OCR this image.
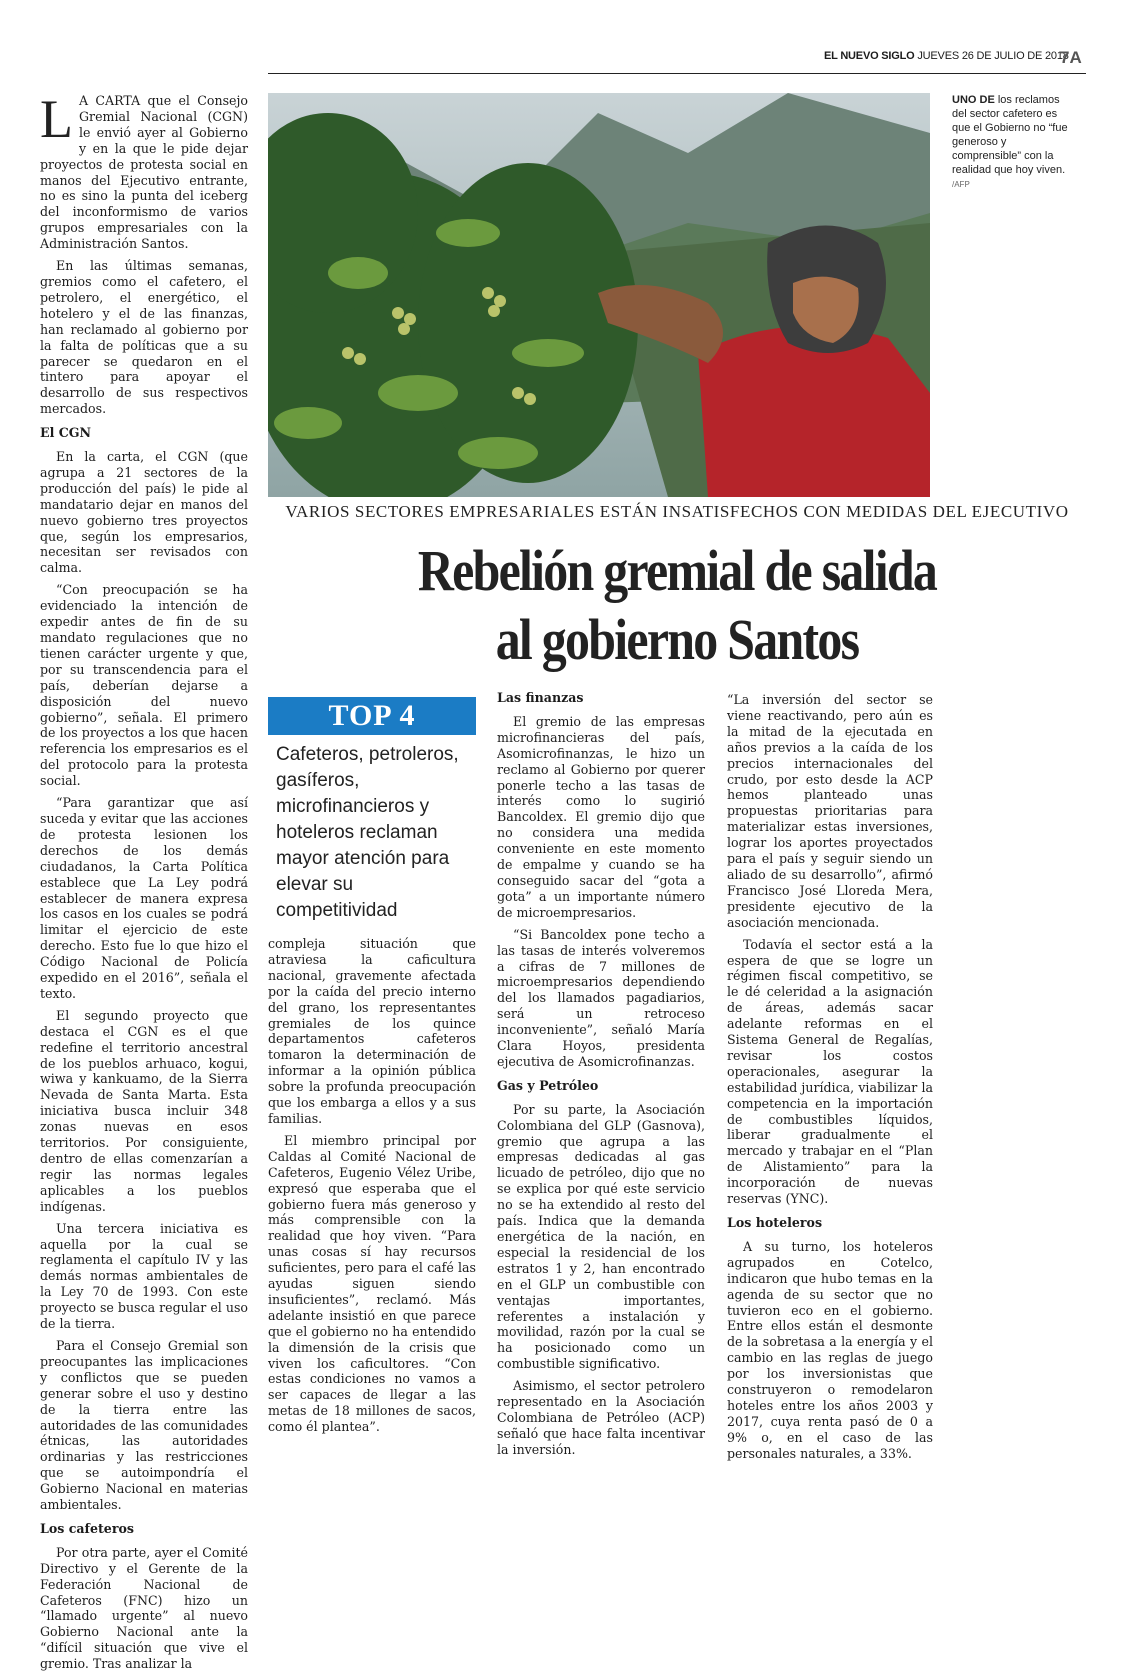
EL NUEVO SIGLO JUEVES 26 DE JULIO DE 2018
7A

L A CARTA que el Consejo Gremial Nacional (CGN) le envió ayer al Gobierno y en la que le pide dejar proyectos de protesta social en manos del Ejecutivo entrante, no es sino la punta del iceberg del inconformismo de varios grupos empresariales con la Administración Santos.

En las últimas semanas, gremios como el cafetero, el petrolero, el energético, el hotelero y el de las finanzas, han reclamado al gobierno por la falta de políticas que a su parecer se quedaron en el tintero para apoyar el desarrollo de sus respectivos mercados.

El CGN

En la carta, el CGN (que agrupa a 21 sectores de la producción del país) le pide al mandatario dejar en manos del nuevo gobierno tres proyectos que, según los empresarios, necesitan ser revisados con calma.

“Con preocupación se ha evidenciado la intención de expedir antes de fin de su mandato regulaciones que no tienen carácter urgente y que, por su transcendencia para el país, deberían dejarse a disposición del nuevo gobierno”, señala. El primero de los proyectos a los que hacen referencia los empresarios es el del protocolo para la protesta social.

“Para garantizar que así suceda y evitar que las acciones de protesta lesionen los derechos de los demás ciudadanos, la Carta Política establece que La Ley podrá establecer de manera expresa los casos en los cuales se podrá limitar el ejercicio de este derecho. Esto fue lo que hizo el Código Nacional de Policía expedido en el 2016”, señala el texto.

El segundo proyecto que destaca el CGN es el que redefine el territorio ancestral de los pueblos arhuaco, kogui, wiwa y kankuamo, de la Sierra Nevada de Santa Marta. Esta iniciativa busca incluir 348 zonas nuevas en esos territorios. Por consiguiente, dentro de ellas comenzarían a regir las normas legales aplicables a los pueblos indígenas.

Una tercera iniciativa es aquella por la cual se reglamenta el capítulo IV y las demás normas ambientales de la Ley 70 de 1993. Con este proyecto se busca regular el uso de la tierra.

Para el Consejo Gremial son preocupantes las implicaciones y conflictos que se pueden generar sobre el uso y destino de la tierra entre las autoridades de las comunidades étnicas, las autoridades ordinarias y las restricciones que se autoimpondría el Gobierno Nacional en materias ambientales.

Los cafeteros

Por otra parte, ayer el Comité Directivo y el Gerente de la Federación Nacional de Cafeteros (FNC) hizo un “llamado urgente” al nuevo Gobierno Nacional ante la “difícil situación que vive el gremio. Tras analizar la

UNO DE los reclamos del sector cafetero es que el Gobierno no “fue generoso y comprensible” con la realidad que hoy viven. /AFP
VARIOS SECTORES EMPRESARIALES ESTÁN INSATISFECHOS CON MEDIDAS DEL EJECUTIVO
Rebelión gremial de salida
al gobierno Santos
TOP 4
Cafeteros, petroleros, gasíferos, microfinancieros y hoteleros reclaman mayor atención para elevar su competitividad

compleja situación que atraviesa la caficultura nacional, gravemente afectada por la caída del precio interno del grano, los representantes gremiales de los quince departamentos cafeteros tomaron la determinación de informar a la opinión pública sobre la profunda preocupación que los embarga a ellos y a sus familias.

El miembro principal por Caldas al Comité Nacional de Cafeteros, Eugenio Vélez Uribe, expresó que esperaba que el gobierno fuera más generoso y más comprensible con la realidad que hoy viven. “Para unas cosas sí hay recursos suficientes, pero para el café las ayudas siguen siendo insuficientes”, reclamó. Más adelante insistió en que parece que el gobierno no ha entendido la dimensión de la crisis que viven los caficultores. “Con estas condiciones no vamos a ser capaces de llegar a las metas de 18 millones de sacos, como él plantea”.

Las finanzas

El gremio de las empresas microfinancieras del país, Asomicrofinanzas, le hizo un reclamo al Gobierno por querer ponerle techo a las tasas de interés como lo sugirió Bancoldex. El gremio dijo que no considera una medida conveniente en este momento de empalme y cuando se ha conseguido sacar del “gota a gota” a un importante número de microempresarios.

“Si Bancoldex pone techo a las tasas de interés volveremos a cifras de 7 millones de microempresarios dependiendo del los llamados pagadiarios, será un retroceso inconveniente”, señaló María Clara Hoyos, presidenta ejecutiva de Asomicrofinanzas.

Gas y Petróleo

Por su parte, la Asociación Colombiana del GLP (Gasnova), gremio que agrupa a las empresas dedicadas al gas licuado de petróleo, dijo que no se explica por qué este servicio no se ha extendido al resto del país. Indica que la demanda energética de la nación, en especial la residencial de los estratos 1 y 2, han encontrado en el GLP un combustible con ventajas importantes, referentes a instalación y movilidad, razón por la cual se ha posicionado como un combustible significativo.

Asimismo, el sector petrolero representado en la Asociación Colombiana de Petróleo (ACP) señaló que hace falta incentivar la inversión.

“La inversión del sector se viene reactivando, pero aún es la mitad de la ejecutada en años previos a la caída de los precios internacionales del crudo, por esto desde la ACP hemos planteado unas propuestas prioritarias para materializar estas inversiones, lograr los aportes proyectados para el país y seguir siendo un aliado de su desarrollo”, afirmó Francisco José Lloreda Mera, presidente ejecutivo de la asociación mencionada.

Todavía el sector está a la espera de que se logre un régimen fiscal competitivo, se le dé celeridad a la asignación de áreas, además sacar adelante reformas en el Sistema General de Regalías, revisar los costos operacionales, asegurar la estabilidad jurídica, viabilizar la competencia en la importación de combustibles líquidos, liberar gradualmente el mercado y trabajar en el “Plan de Alistamiento” para la incorporación de nuevas reservas (YNC).

Los hoteleros

A su turno, los hoteleros agrupados en Cotelco, indicaron que hubo temas en la agenda de su sector que no tuvieron eco en el gobierno. Entre ellos están el desmonte de la sobretasa a la energía y el cambio en las reglas de juego por los inversionistas que construyeron o remodelaron hoteles entre los años 2003 y 2017, cuya renta pasó de 0 a 9% o, en el caso de las personales naturales, a 33%.
